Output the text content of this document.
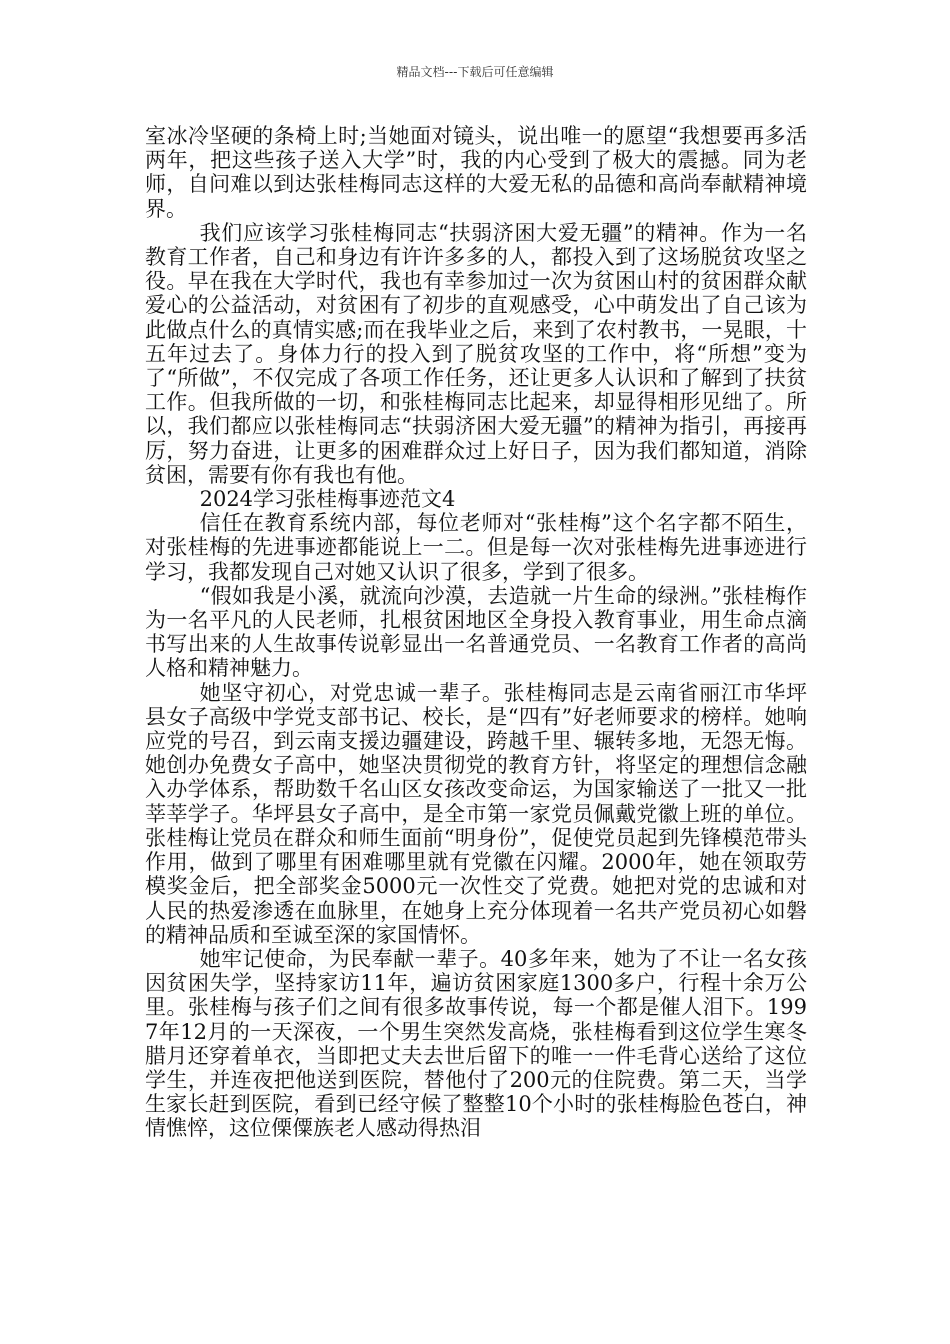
精品文档---下载后可任意编辑

室冰冷坚硬的条椅上时;当她面对镜头，说出唯一的愿望“我想要再多活两年，把这些孩子送入大学”时，我的内心受到了极大的震撼。同为老师，自问难以到达张桂梅同志这样的大爱无私的品德和高尚奉献精神境界。

我们应该学习张桂梅同志“扶弱济困大爱无疆”的精神。作为一名教育工作者，自己和身边有许许多多的人，都投入到了这场脱贫攻坚之役。早在我在大学时代，我也有幸参加过一次为贫困山村的贫困群众献爱心的公益活动，对贫困有了初步的直观感受，心中萌发出了自己该为此做点什么的真情实感;而在我毕业之后，来到了农村教书，一晃眼，十五年过去了。身体力行的投入到了脱贫攻坚的工作中，将“所想”变为了“所做”，不仅完成了各项工作任务，还让更多人认识和了解到了扶贫工作。但我所做的一切，和张桂梅同志比起来，却显得相形见绌了。所以，我们都应以张桂梅同志“扶弱济困大爱无疆”的精神为指引，再接再厉，努力奋进，让更多的困难群众过上好日子，因为我们都知道，消除贫困，需要有你有我也有他。

2024学习张桂梅事迹范文4

信任在教育系统内部，每位老师对“张桂梅”这个名字都不陌生，对张桂梅的先进事迹都能说上一二。但是每一次对张桂梅先进事迹进行学习，我都发现自己对她又认识了很多，学到了很多。

“假如我是小溪，就流向沙漠，去造就一片生命的绿洲。”张桂梅作为一名平凡的人民老师，扎根贫困地区全身投入教育事业，用生命点滴书写出来的人生故事传说彰显出一名普通党员、一名教育工作者的高尚人格和精神魅力。

她坚守初心，对党忠诚一辈子。张桂梅同志是云南省丽江市华坪县女子高级中学党支部书记、校长，是“四有”好老师要求的榜样。她响应党的号召，到云南支援边疆建设，跨越千里、辗转多地，无怨无悔。她创办免费女子高中，她坚决贯彻党的教育方针，将坚定的理想信念融入办学体系，帮助数千名山区女孩改变命运，为国家输送了一批又一批莘莘学子。华坪县女子高中，是全市第一家党员佩戴党徽上班的单位。张桂梅让党员在群众和师生面前“明身份”，促使党员起到先锋模范带头作用，做到了哪里有困难哪里就有党徽在闪耀。2000年，她在领取劳模奖金后，把全部奖金5000元一次性交了党费。她把对党的忠诚和对人民的热爱渗透在血脉里，在她身上充分体现着一名共产党员初心如磐的精神品质和至诚至深的家国情怀。

她牢记使命，为民奉献一辈子。40多年来，她为了不让一名女孩因贫困失学，坚持家访11年，遍访贫困家庭1300多户，行程十余万公里。张桂梅与孩子们之间有很多故事传说，每一个都是催人泪下。1997年12月的一天深夜，一个男生突然发高烧，张桂梅看到这位学生寒冬腊月还穿着单衣，当即把丈夫去世后留下的唯一一件毛背心送给了这位学生，并连夜把他送到医院，替他付了200元的住院费。第二天，当学生家长赶到医院，看到已经守候了整整10个小时的张桂梅脸色苍白，神情憔悴，这位傈僳族老人感动得热泪
